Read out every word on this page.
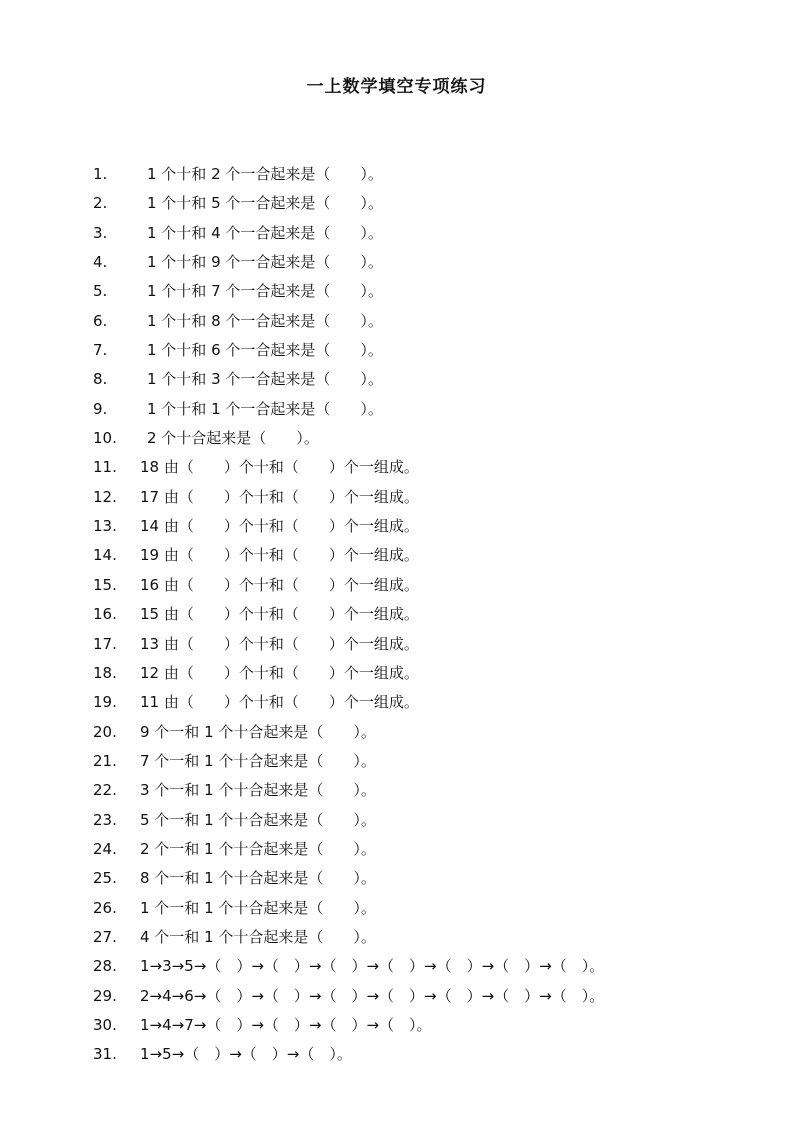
一上数学填空专项练习
1.	1 个十和 2 个一合起来是（　　）。
2.	1 个十和 5 个一合起来是（　　）。
3.	1 个十和 4 个一合起来是（　　）。
4.	1 个十和 9 个一合起来是（　　）。
5.	1 个十和 7 个一合起来是（　　）。
6.	1 个十和 8 个一合起来是（　　）。
7.	1 个十和 6 个一合起来是（　　）。
8.	1 个十和 3 个一合起来是（　　）。
9.	1 个十和 1 个一合起来是（　　）。
10.	2 个十合起来是（　　）。
11.	18 由（　　）个十和（　　）个一组成。
12.	17 由（　　）个十和（　　）个一组成。
13.	14 由（　　）个十和（　　）个一组成。
14.	19 由（　　）个十和（　　）个一组成。
15.	16 由（　　）个十和（　　）个一组成。
16.	15 由（　　）个十和（　　）个一组成。
17.	13 由（　　）个十和（　　）个一组成。
18.	12 由（　　）个十和（　　）个一组成。
19.	11 由（　　）个十和（　　）个一组成。
20.	9 个一和 1 个十合起来是（　　）。
21.	7 个一和 1 个十合起来是（　　）。
22.	3 个一和 1 个十合起来是（　　）。
23.	5 个一和 1 个十合起来是（　　）。
24.	2 个一和 1 个十合起来是（　　）。
25.	8 个一和 1 个十合起来是（　　）。
26.	1 个一和 1 个十合起来是（　　）。
27.	4 个一和 1 个十合起来是（　　）。
28.	1→3→5→（　）→（　）→（　）→（　）→（　）→（　）→（　）。
29.	2→4→6→（　）→（　）→（　）→（　）→（　）→（　）→（　）。
30.	1→4→7→（　）→（　）→（　）→（　）。
31.	1→5→（　）→（　）→（　）。
